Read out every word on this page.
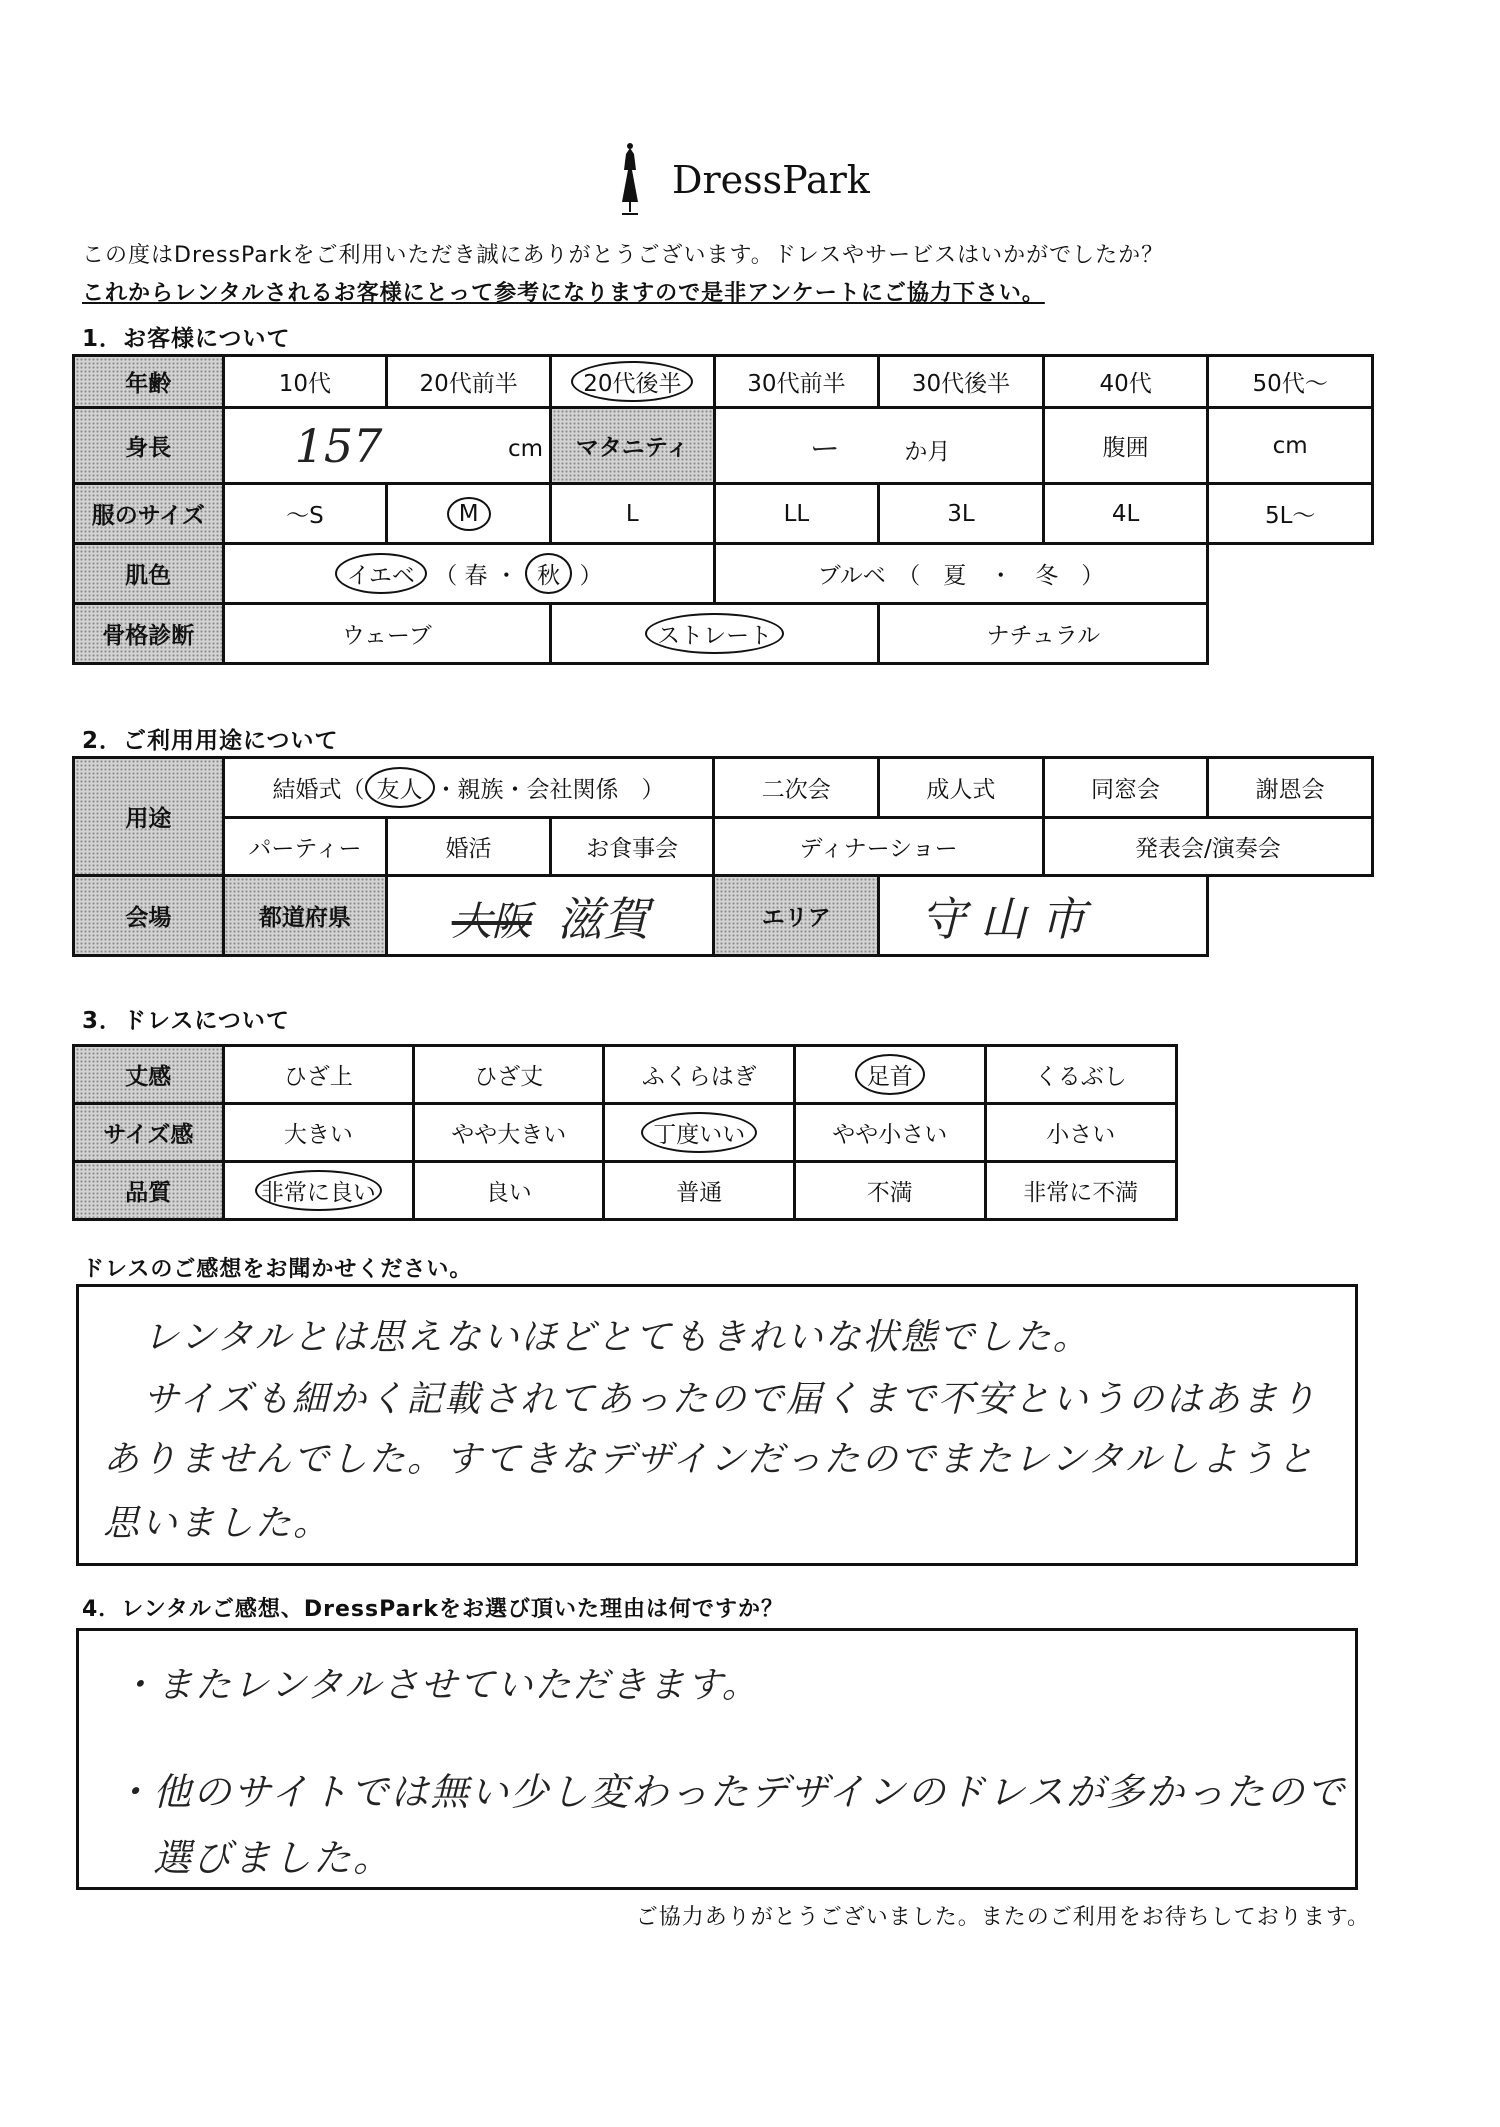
DressPark
この度はDressParkをご利用いただき誠にありがとうございます。ドレスやサービスはいかがでしたか？
これからレンタルされるお客様にとって参考になりますので是非アンケートにご協力下さい。
1．お客様について
年齢	10代	20代前半	20代後半	30代前半	30代後半	40代	50代～
身長	157 cm		マタニティ	ー か月		腹囲	cm
服のサイズ	～S	M	L	LL	3L	4L	5L～
肌色	イエベ （ 春 ・ 秋 ）			ブルベ　（　夏　・　冬　）			
骨格診断	ウェーブ		ストレート		ナチュラル		
2．ご利用用途について
用途	結婚式（ 友人 ・親族・会社関係　）			二次会	成人式	同窓会	謝恩会
	パーティー	婚活	お食事会	ディナーショー		発表会/演奏会	
会場	都道府県	大阪 滋賀		エリア	守山市		
3．ドレスについて
丈感	ひざ上	ひざ丈	ふくらはぎ	足首	くるぶし
サイズ感	大きい	やや大きい	丁度いい	やや小さい	小さい
品質	非常に良い	良い	普通	不満	非常に不満
ドレスのご感想をお聞かせください。
レンタルとは思えないほどとてもきれいな状態でした。
サイズも細かく記載されてあったので届くまで不安というのはあまり
ありませんでした。すてきなデザインだったのでまたレンタルしようと
思いました。
4．レンタルご感想、DressParkをお選び頂いた理由は何ですか？
・またレンタルさせていただきます。
・他のサイトでは無い少し変わったデザインのドレスが多かったので
　選びました。
ご協力ありがとうございました。またのご利用をお待ちしております。
